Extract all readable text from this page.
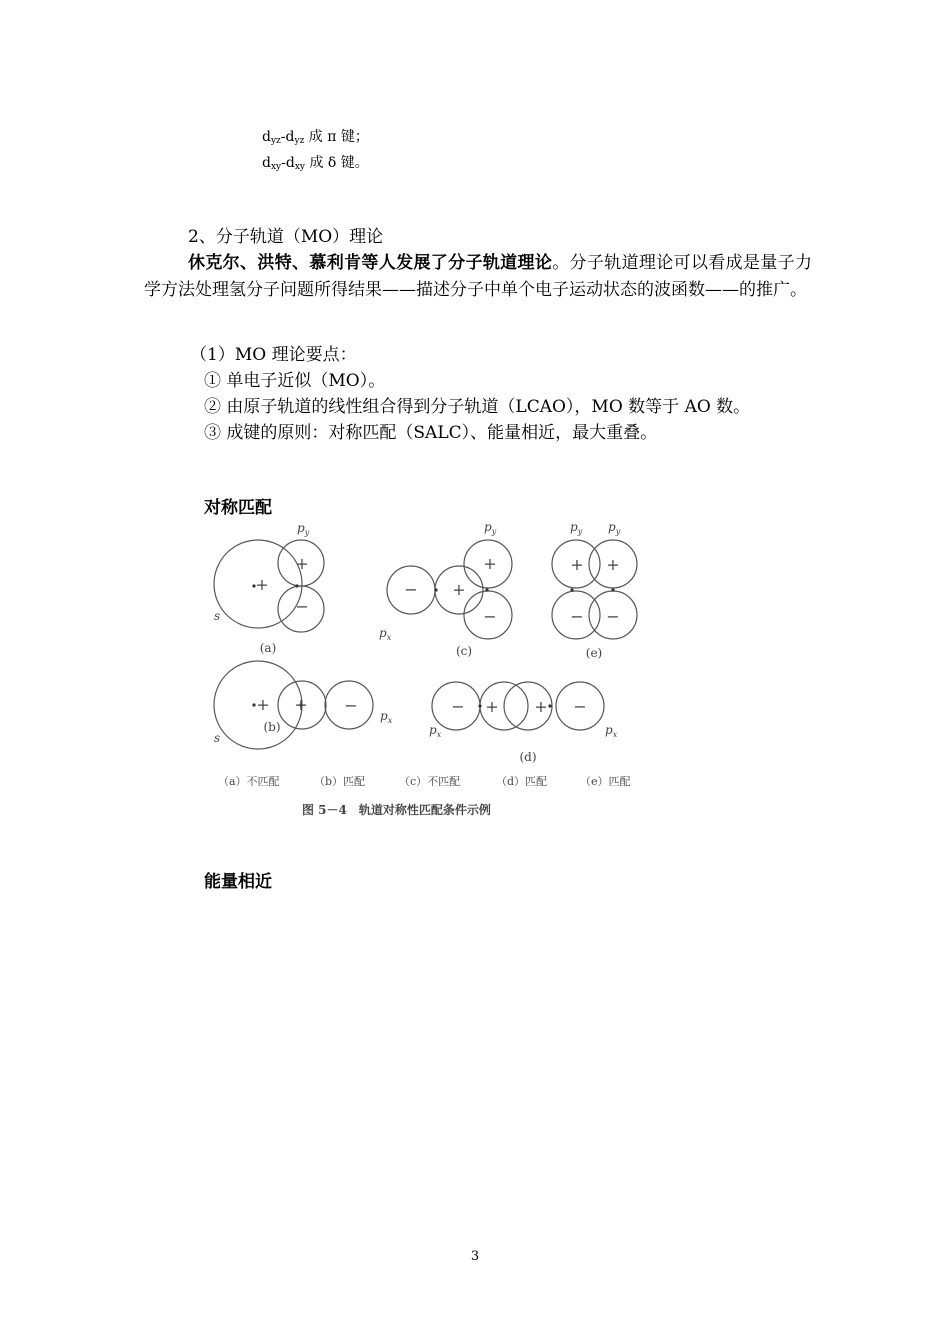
$d_{yz}-d_{yz}$ 成 π 键；
$d_{xy}-d_{xy}$ 成 δ 键。
2、分子轨道（MO）理论
休克尔、洪特、慕利肯等人发展了分子轨道理论。分子轨道理论可以看成是量子力学方法处理氢分子问题所得结果——描述分子中单个电子运动状态的波函数——的推广。
（1）MO 理论要点：
① 单电子近似（MO）。
② 由原子轨道的线性组合得到分子轨道（LCAO），MO 数等于 AO 数。
③ 成键的原则：对称匹配（SALC）、能量相近，最大重叠。
对称匹配
+
+
−
− +
+
−
+ +
− −
+ + −	− + + −
s
s
$p_y$	$p_y$
$p_x$
$p_y$ $p_y$
$p_x$
$p_x$	$p_x$
(a)	(c)	(e)
(b)
(d)
（a）不匹配	（b）匹配	（c）不匹配	（d）匹配	（e）匹配
图 5－4　轨道对称性匹配条件示例
能量相近
3
